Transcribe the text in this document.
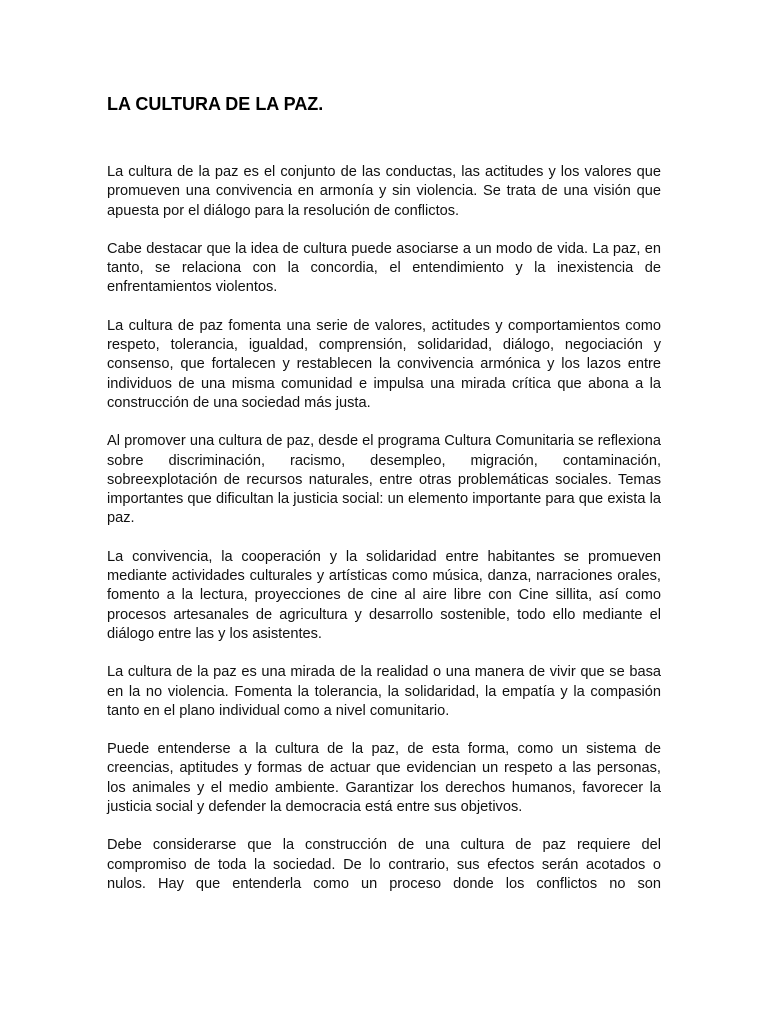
LA CULTURA DE LA PAZ.

La cultura de la paz es el conjunto de las conductas, las actitudes y los valores que promueven una convivencia en armonía y sin violencia. Se trata de una visión que apuesta por el diálogo para la resolución de conflictos.

Cabe destacar que la idea de cultura puede asociarse a un modo de vida. La paz, en tanto, se relaciona con la concordia, el entendimiento y la inexistencia de enfrentamientos violentos.

La cultura de paz fomenta una serie de valores, actitudes y comportamientos como respeto, tolerancia, igualdad, comprensión, solidaridad, diálogo, negociación y consenso, que fortalecen y restablecen la convivencia armónica y los lazos entre individuos de una misma comunidad e impulsa una mirada crítica que abona a la construcción de una sociedad más justa.

Al promover una cultura de paz, desde el programa Cultura Comunitaria se reflexiona sobre discriminación, racismo, desempleo, migración, contaminación, sobreexplotación de recursos naturales, entre otras problemáticas sociales. Temas importantes que dificultan la justicia social: un elemento importante para que exista la paz.

La convivencia, la cooperación y la solidaridad entre habitantes se promueven mediante actividades culturales y artísticas como música, danza, narraciones orales, fomento a la lectura, proyecciones de cine al aire libre con Cine sillita, así como procesos artesanales de agricultura y desarrollo sostenible, todo ello mediante el diálogo entre las y los asistentes.

La cultura de la paz es una mirada de la realidad o una manera de vivir que se basa en la no violencia. Fomenta la tolerancia, la solidaridad, la empatía y la compasión tanto en el plano individual como a nivel comunitario.

Puede entenderse a la cultura de la paz, de esta forma, como un sistema de creencias, aptitudes y formas de actuar que evidencian un respeto a las personas, los animales y el medio ambiente. Garantizar los derechos humanos, favorecer la justicia social y defender la democracia está entre sus objetivos.

Debe considerarse que la construcción de una cultura de paz requiere del compromiso de toda la sociedad. De lo contrario, sus efectos serán acotados o nulos. Hay que entenderla como un proceso donde los conflictos no son
